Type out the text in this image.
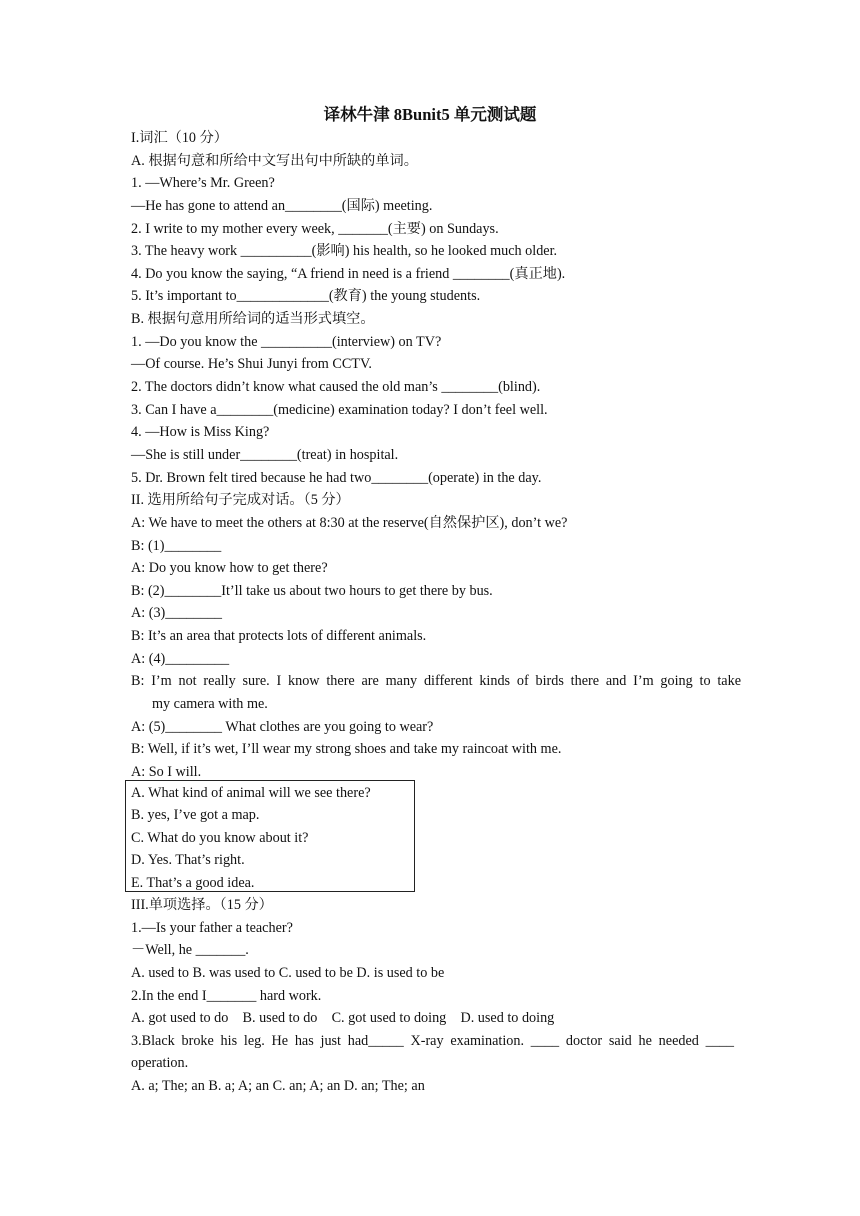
译林牛津 8Bunit5 单元测试题
I.词汇（10 分）
A. 根据句意和所给中文写出句中所缺的单词。
1. —Where’s Mr. Green?
—He has gone to attend an________(国际) meeting.
2. I write to my mother every week, _______(主要) on Sundays.
3. The heavy work __________(影响) his health, so he looked much older.
4. Do you know the saying, “A friend in need is a friend ________(真正地).
5. It’s important to_____________(教育) the young students.
B. 根据句意用所给词的适当形式填空。
1. —Do you know the __________(interview) on TV?
—Of course. He’s Shui Junyi from CCTV.
2. The doctors didn’t know what caused the old man’s ________(blind).
3. Can I have a________(medicine) examination today? I don’t feel well.
4. —How is Miss King?
—She is still under________(treat) in hospital.
5. Dr. Brown felt tired because he had two________(operate) in the day.
II. 选用所给句子完成对话。（5 分）
A: We have to meet the others at 8:30 at the reserve(自然保护区), don’t we?
B: (1)________
A: Do you know how to get there?
B: (2)________It’ll take us about two hours to get there by bus.
A: (3)________
B: It’s an area that protects lots of different animals.
A: (4)_________
B: I’m not really sure. I know there are many different kinds of birds there and I’m going to take
my camera with me.
A: (5)________ What clothes are you going to wear?
B: Well, if it’s wet, I’ll wear my strong shoes and take my raincoat with me.
A: So I will.
A. What kind of animal will we see there?
B. yes, I’ve got a map.
C. What do you know about it?
D. Yes. That’s right.
E. That’s a good idea.
III.单项选择。（15 分）
1.—Is your father a teacher?
－Well, he _______.
A. used to B. was used to C. used to be D. is used to be
2.In the end I_______ hard work.
A. got used to do    B. used to do    C. got used to doing    D. used to doing
3.Black broke his leg. He has just had_____ X-ray examination. ____ doctor said he needed ____
operation.
A. a; The; an B. a; A; an C. an; A; an D. an; The; an
